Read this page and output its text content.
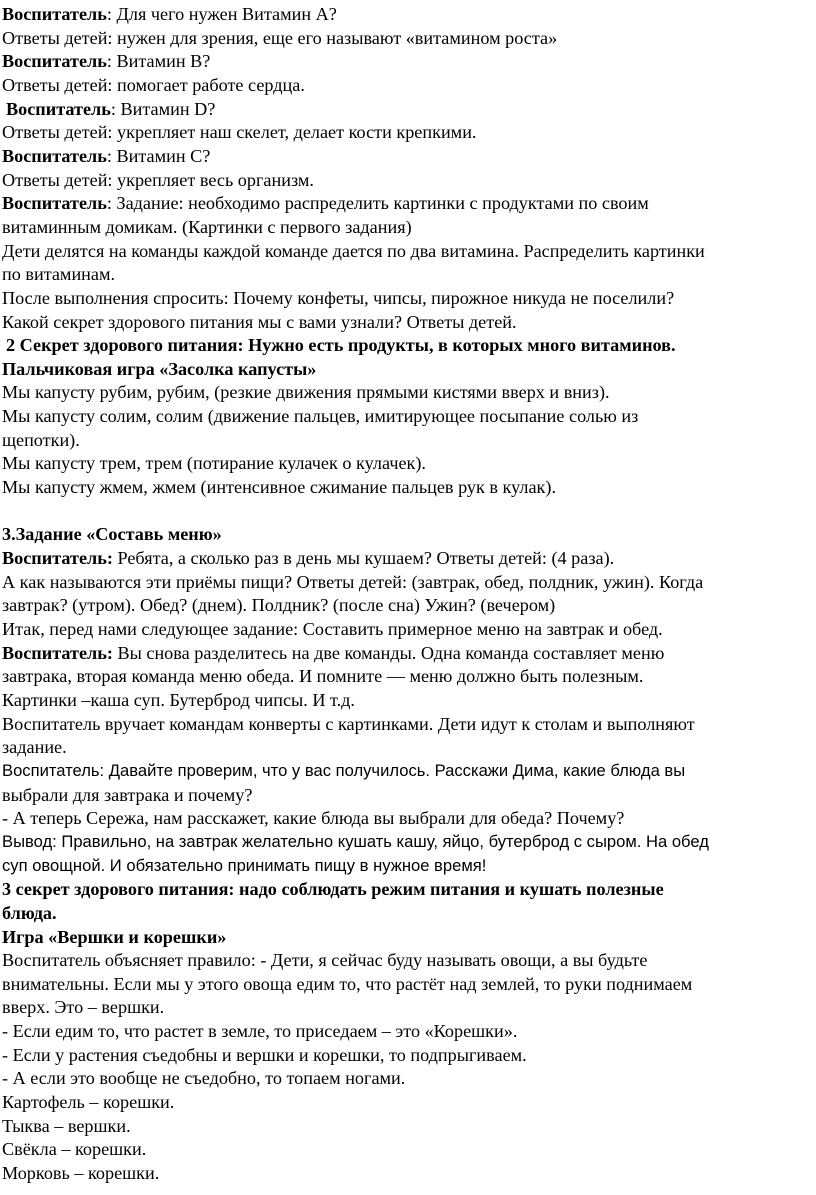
Воспитатель: Для чего нужен Витамин А?
Ответы детей: нужен для зрения, еще его называют «витамином роста»
Воспитатель: Витамин В?
Ответы детей: помогает работе сердца.
Воспитатель: Витамин D?
Ответы детей: укрепляет наш скелет, делает кости крепкими.
Воспитатель: Витамин С?
Ответы детей: укрепляет весь организм.
Воспитатель: Задание: необходимо распределить картинки с продуктами по своим
витаминным домикам. (Картинки с первого задания)
Дети делятся на команды каждой команде дается по два витамина. Распределить картинки
по витаминам.
После выполнения спросить: Почему конфеты, чипсы, пирожное никуда не поселили?
Какой секрет здорового питания мы с вами узнали? Ответы детей.
2 Секрет здорового питания: Нужно есть продукты, в которых много витаминов.
Пальчиковая игра «Засолка капусты»
Мы капусту рубим, рубим, (резкие движения прямыми кистями вверх и вниз).
Мы капусту солим, солим (движение пальцев, имитирующее посыпание солью из
щепотки).
Мы капусту трем, трем (потирание кулачек о кулачек).
Мы капусту жмем, жмем (интенсивное сжимание пальцев рук в кулак).
3.Задание «Составь меню»
Воспитатель: Ребята, а сколько раз в день мы кушаем? Ответы детей: (4 раза).
А как называются эти приёмы пищи? Ответы детей: (завтрак, обед, полдник, ужин). Когда
завтрак? (утром). Обед? (днем). Полдник? (после сна) Ужин? (вечером)
Итак, перед нами следующее задание: Составить примерное меню на завтрак и обед.
Воспитатель: Вы снова разделитесь на две команды. Одна команда составляет меню
завтрака, вторая команда меню обеда. И помните — меню должно быть полезным.
Картинки –каша суп. Бутерброд чипсы. И т.д.
Воспитатель вручает командам конверты с картинками. Дети идут к столам и выполняют
задание.
Воспитатель: Давайте проверим, что у вас получилось. Расскажи Дима, какие блюда вы
выбрали для завтрака и почему?
- А теперь Сережа, нам расскажет, какие блюда вы выбрали для обеда? Почему?
Вывод: Правильно, на завтрак желательно кушать кашу, яйцо, бутерброд с сыром. На обед
суп овощной. И обязательно принимать пищу в нужное время!
3 секрет здорового питания: надо соблюдать режим питания и кушать полезные
блюда.
Игра «Вершки и корешки»
Воспитатель объясняет правило: - Дети, я сейчас буду называть овощи, а вы будьте
внимательны. Если мы у этого овоща едим то, что растёт над землей, то руки поднимаем
вверх. Это – вершки.
- Если едим то, что растет в земле, то приседаем – это «Корешки».
- Если у растения съедобны и вершки и корешки, то подпрыгиваем.
- А если это вообще не съедобно, то топаем ногами.
Картофель – корешки.
Тыква – вершки.
Свёкла – корешки.
Морковь – корешки.
